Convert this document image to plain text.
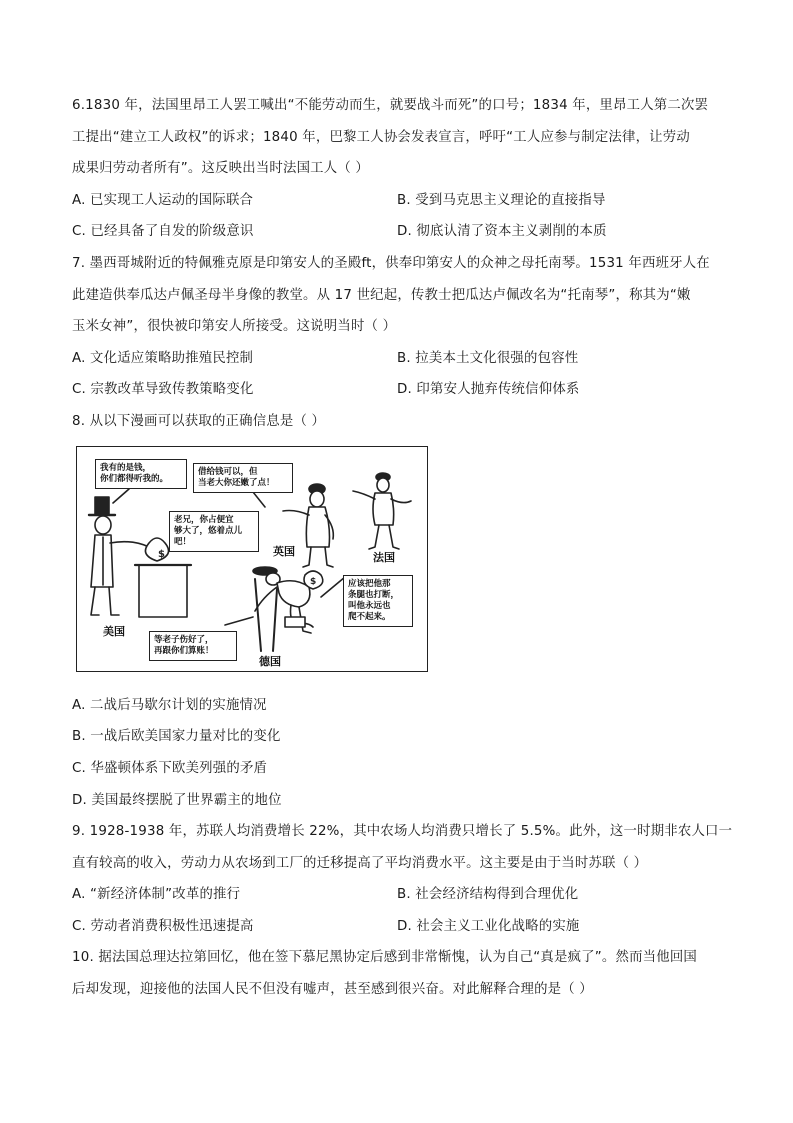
6.1830 年，法国里昂工人罢工喊出“不能劳动而生，就要战斗而死”的口号；1834 年，里昂工人第二次罢
工提出“建立工人政权”的诉求；1840 年，巴黎工人协会发表宣言，呼吁“工人应参与制定法律，让劳动
成果归劳动者所有”。这反映出当时法国工人（ ）
A. 已实现工人运动的国际联合	B. 受到马克思主义理论的直接指导
C. 已经具备了自发的阶级意识	D. 彻底认清了资本主义剥削的本质
7. 墨西哥城附近的特佩雅克原是印第安人的圣殿ft，供奉印第安人的众神之母托南琴。1531 年西班牙人在
此建造供奉瓜达卢佩圣母半身像的教堂。从 17 世纪起，传教士把瓜达卢佩改名为“托南琴”，称其为“嫩
玉米女神”，很快被印第安人所接受。这说明当时（ ）
A. 文化适应策略助推殖民控制	B. 拉美本土文化很强的包容性
C. 宗教改革导致传教策略变化	D. 印第安人抛弃传统信仰体系
8. 从以下漫画可以获取的正确信息是（ ）
$
$
我有的是钱，
你们都得听我的。
借给钱可以，但
当老大你还嫩了点！
老兄，你占便宜
够大了，悠着点儿吧！
应该把他那
条腿也打断，
叫他永远也
爬不起来。
等老子伤好了，
再跟你们算账！
美国
英国	法国
德国
A. 二战后马歇尔计划的实施情况
B. 一战后欧美国家力量对比的变化
C. 华盛顿体系下欧美列强的矛盾
D. 美国最终摆脱了世界霸主的地位
9. 1928-1938 年，苏联人均消费增长 22%，其中农场人均消费只增长了 5.5%。此外，这一时期非农人口一
直有较高的收入，劳动力从农场到工厂的迁移提高了平均消费水平。这主要是由于当时苏联（ ）
A. “新经济体制”改革的推行	B. 社会经济结构得到合理优化
C. 劳动者消费积极性迅速提高	D. 社会主义工业化战略的实施
10. 据法国总理达拉第回忆，他在签下慕尼黑协定后感到非常惭愧，认为自己“真是疯了”。然而当他回国
后却发现，迎接他的法国人民不但没有嘘声，甚至感到很兴奋。对此解释合理的是（ ）
